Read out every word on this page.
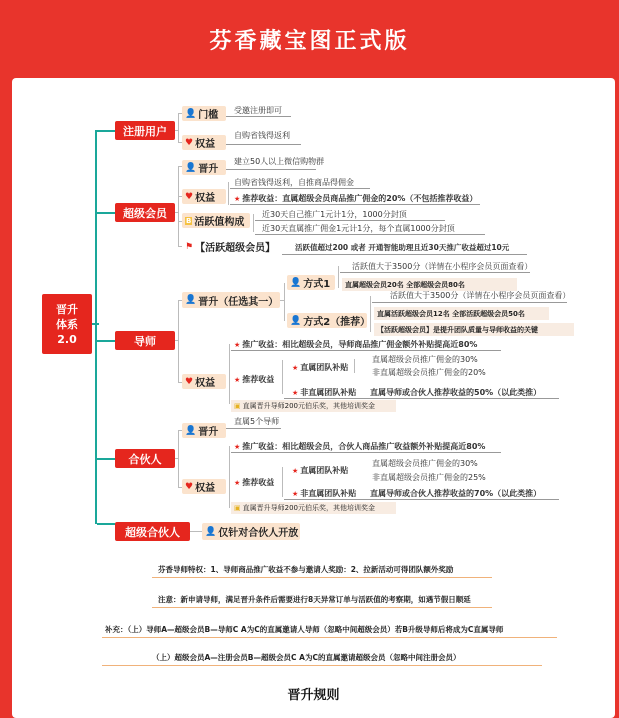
芬香藏宝图正式版
晋升
体系
2.0
注册用户
👤 门槛 受邀注册即可
♥ 权益
自购省钱得返利
超级会员
👤 晋升
建立50人以上微信购物群
♥ 权益
自购省钱得返利，自推商品得佣金
★ 推荐收益：直属超级会员商品推广佣金的20%（不包括推荐收益）
B 活跃值构成
近30天自己推广1元计1分，1000分封顶
近30天直属推广佣金1元计1分，每个直属1000分封顶
⚑ 【活跃超级会员】	活跃值超过200 或者 开通智能助理且近30天推广收益超过10元
导师
👤 晋升（任选其一）
👤 方式1
活跃值大于3500分（详情在小程序会员页面查看）
直属超级会员20名 全部超级会员80名
👤 方式2（推荐）
活跃值大于3500分（详情在小程序会员页面查看）
直属活跃超级会员12名 全部活跃超级会员50名
【活跃超级会员】是提升团队质量与导师收益的关键
♥ 权益
★ 推广收益：相比超级会员，导师商品推广佣金额外补贴提高近80%
★ 推荐收益
★ 直属团队补贴
直属超级会员推广佣金的30%
非直属超级会员推广佣金的20%
★ 非直属团队补贴 直属导师或合伙人推荐收益的50%（以此类推）
▣ 直属晋升导师200元伯乐奖，其他培训奖金
合伙人
👤 晋升
直属5个导师
♥ 权益
★ 推广收益：相比超级会员，合伙人商品推广收益额外补贴提高近80%
★ 推荐收益
★ 直属团队补贴
直属超级会员推广佣金的30%
非直属超级会员推广佣金的25%
★ 非直属团队补贴 直属导师或合伙人推荐收益的70%（以此类推）
▣ 直属晋升导师200元伯乐奖，其他培训奖金
超级合伙人	👤 仅针对合伙人开放
芬香导师特权：1、导师商品推广收益不参与邀请人奖励：2、拉新活动可得团队额外奖励
注意：新申请导师，满足晋升条件后需要进行8天异常订单与活跃值的考察期，如遇节假日顺延
补充：（上）导师A—超级会员B—导师C A为C的直属邀请人导师（忽略中间超级会员）若B升级导师后将成为C直属导师
（上）超级会员A—注册会员B—超级会员C A为C的直属邀请超级会员（忽略中间注册会员）
晋升规则
